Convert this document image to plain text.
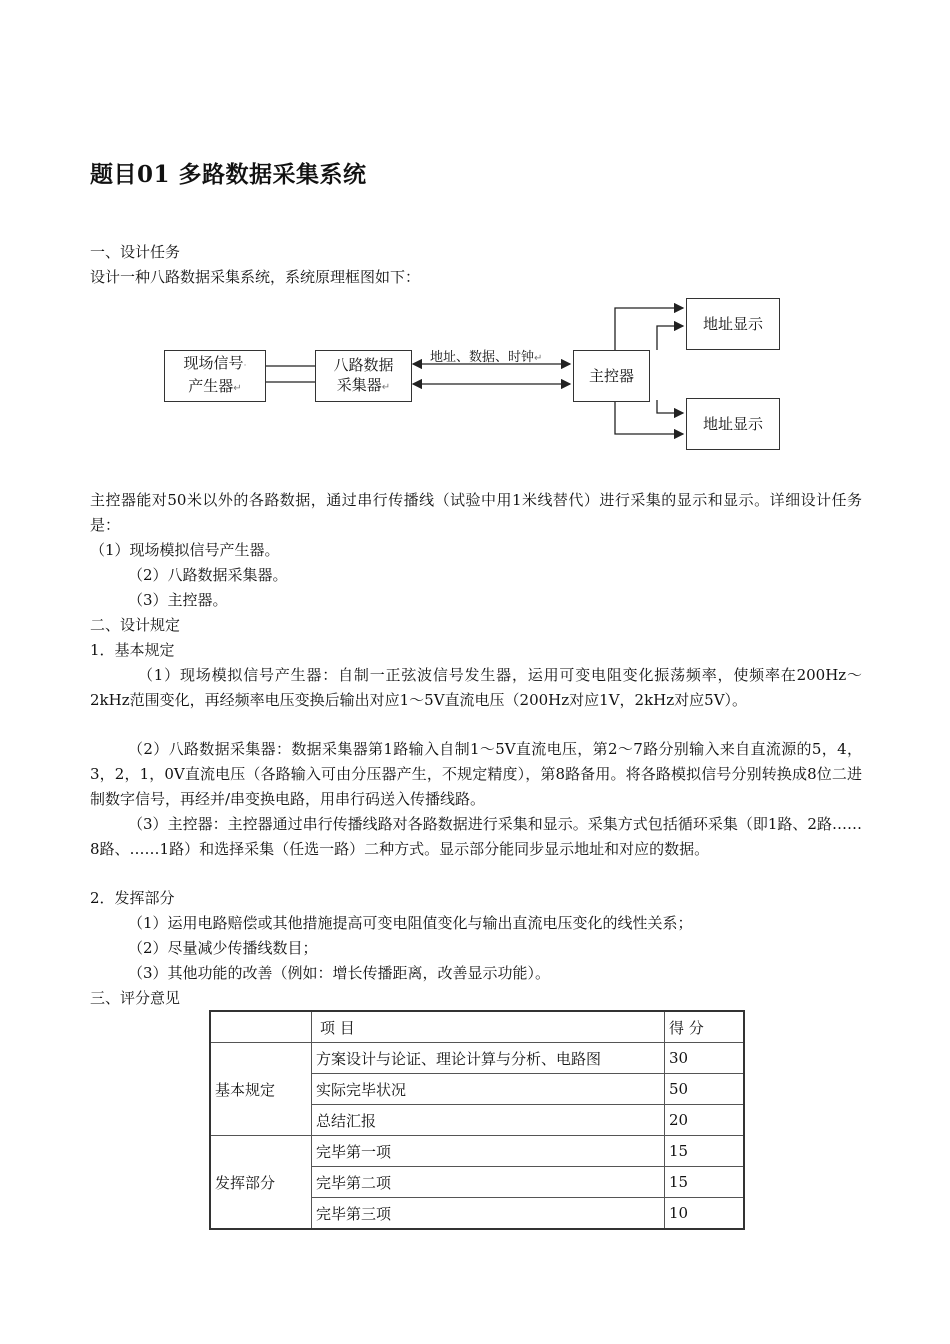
题目01 多路数据采集系统
一、设计任务
设计一种八路数据采集系统，系统原理框图如下：
现场信号·
产生器↵
八路数据
采集器↵
地址、数据、时钟↵
主控器
地址显示
地址显示
主控器能对50米以外的各路数据，通过串行传播线（试验中用1米线替代）进行采集的显示和显示。详细设计任务是：
（1）现场模拟信号产生器。
（2）八路数据采集器。
（3）主控器。
二、设计规定
1．基本规定
（1）现场模拟信号产生器：自制一正弦波信号发生器，运用可变电阻变化振荡频率，使频率在200Hz～2kHz范围变化，再经频率电压变换后输出对应1～5V直流电压（200Hz对应1V，2kHz对应5V）。
（2）八路数据采集器：数据采集器第1路输入自制1～5V直流电压，第2～7路分别输入来自直流源的5，4，3，2，1，0V直流电压（各路输入可由分压器产生，不规定精度），第8路备用。将各路模拟信号分别转换成8位二进制数字信号，再经并/串变换电路，用串行码送入传播线路。
（3）主控器：主控器通过串行传播线路对各路数据进行采集和显示。采集方式包括循环采集（即1路、2路……8路、……1路）和选择采集（任选一路）二种方式。显示部分能同步显示地址和对应的数据。
2．发挥部分
（1）运用电路赔偿或其他措施提高可变电阻值变化与输出直流电压变化的线性关系；
（2）尽量减少传播线数目；
（3）其他功能的改善（例如：增长传播距离，改善显示功能）。
三、评分意见
	项 目	得 分
基本规定	方案设计与论证、理论计算与分析、电路图	30
	实际完毕状况	50
	总结汇报	20
发挥部分	完毕第一项	15
	完毕第二项	15
	完毕第三项	10
